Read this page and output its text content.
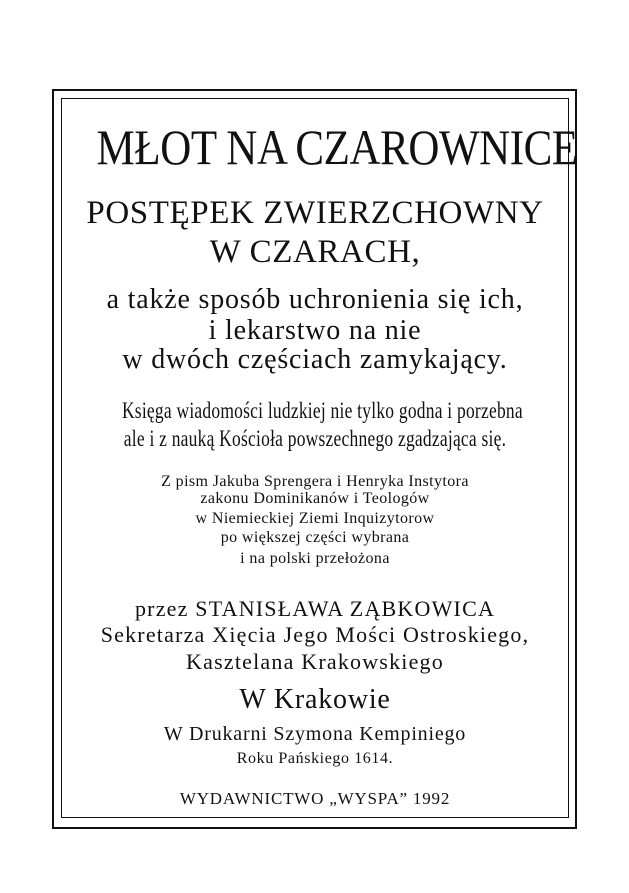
MŁOT NA CZAROWNICE

POSTĘPEK ZWIERZCHOWNY

W CZARACH,

a także sposób uchronienia się ich,

i lekarstwo na nie

w dwóch częściach zamykający.

Księga wiadomości ludzkiej nie tylko godna i porzebna

ale i z nauką Kościoła powszechnego zgadzająca się.

Z pism Jakuba Sprengera i Henryka Instytora

zakonu Dominikanów i Teologów

w Niemieckiej Ziemi Inquizytorow

po większej części wybrana

i na polski przełożona

przez STANISŁAWA ZĄBKOWICA

Sekretarza Xięcia Jego Mości Ostroskiego,

Kasztelana Krakowskiego

W Krakowie

W Drukarni Szymona Kempiniego

Roku Pańskiego 1614.

WYDAWNICTWO „WYSPA” 1992
